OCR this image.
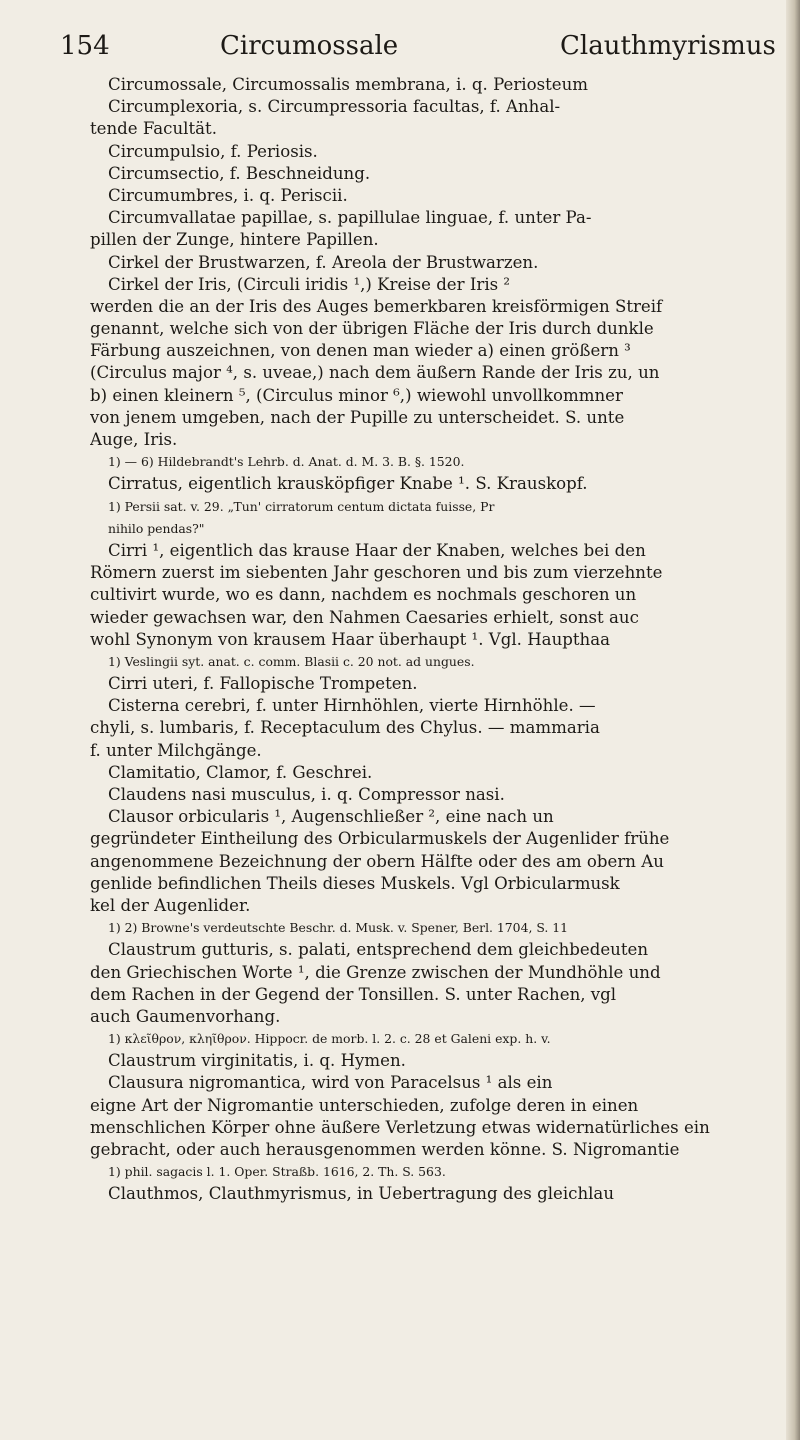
154	Circumossale	Clauthmyrismus
Circumossale, Circumossalis membrana, i. q. Periosteum
Circumplexoria, s. Circumpressoria facultas, f. Anhal-
tende Facultät.
Circumpulsio, f. Periosis.
Circumsectio, f. Beschneidung.
Circumumbres, i. q. Periscii.
Circumvallatae papillae, s. papillulae linguae, f. unter Pa-
pillen der Zunge, hintere Papillen.
Cirkel der Brustwarzen, f. Areola der Brustwarzen.
Cirkel der Iris, (Circuli iridis ¹,) Kreise der Iris ²
werden die an der Iris des Auges bemerkbaren kreisförmigen Streif
genannt, welche sich von der übrigen Fläche der Iris durch dunkle
Färbung auszeichnen, von denen man wieder a) einen größern ³
(Circulus major ⁴, s. uveae,) nach dem äußern Rande der Iris zu, un
b) einen kleinern ⁵, (Circulus minor ⁶,) wiewohl unvollkommner
von jenem umgeben, nach der Pupille zu unterscheidet. S. unte
Auge, Iris.
1) — 6) Hildebrandt's Lehrb. d. Anat. d. M. 3. B. §. 1520.
Cirratus, eigentlich krausköpfiger Knabe ¹. S. Krauskopf.
1) Persii sat. v. 29. „Tun' cirratorum centum dictata fuisse, Pr
nihilo pendas?"
Cirri ¹, eigentlich das krause Haar der Knaben, welches bei den
Römern zuerst im siebenten Jahr geschoren und bis zum vierzehnte
cultivirt wurde, wo es dann, nachdem es nochmals geschoren un
wieder gewachsen war, den Nahmen Caesaries erhielt, sonst auc
wohl Synonym von krausem Haar überhaupt ¹. Vgl. Haupthaa
1) Veslingii syt. anat. c. comm. Blasii c. 20 not. ad ungues.
Cirri uteri, f. Fallopische Trompeten.
Cisterna cerebri, f. unter Hirnhöhlen, vierte Hirnhöhle. —
chyli, s. lumbaris, f. Receptaculum des Chylus. — mammaria
f. unter Milchgänge.
Clamitatio, Clamor, f. Geschrei.
Claudens nasi musculus, i. q. Compressor nasi.
Clausor orbicularis ¹, Augenschließer ², eine nach un
gegründeter Eintheilung des Orbicularmuskels der Augenlider frühe
angenommene Bezeichnung der obern Hälfte oder des am obern Au
genlide befindlichen Theils dieses Muskels. Vgl Orbicularmusk
kel der Augenlider.
1) 2) Browne's verdeutschte Beschr. d. Musk. v. Spener, Berl. 1704, S. 11
Claustrum gutturis, s. palati, entsprechend dem gleichbedeuten
den Griechischen Worte ¹, die Grenze zwischen der Mundhöhle und
dem Rachen in der Gegend der Tonsillen. S. unter Rachen, vgl
auch Gaumenvorhang.
1) κλεῖθρον, κληῖθρον. Hippocr. de morb. l. 2. c. 28 et Galeni exp. h. v.
Claustrum virginitatis, i. q. Hymen.
Clausura nigromantica, wird von Paracelsus ¹ als ein
eigne Art der Nigromantie unterschieden, zufolge deren in einen
menschlichen Körper ohne äußere Verletzung etwas widernatürliches ein
gebracht, oder auch herausgenommen werden könne. S. Nigromantie
1) phil. sagacis l. 1. Oper. Straßb. 1616, 2. Th. S. 563.
Clauthmos, Clauthmyrismus, in Uebertragung des gleichlau
